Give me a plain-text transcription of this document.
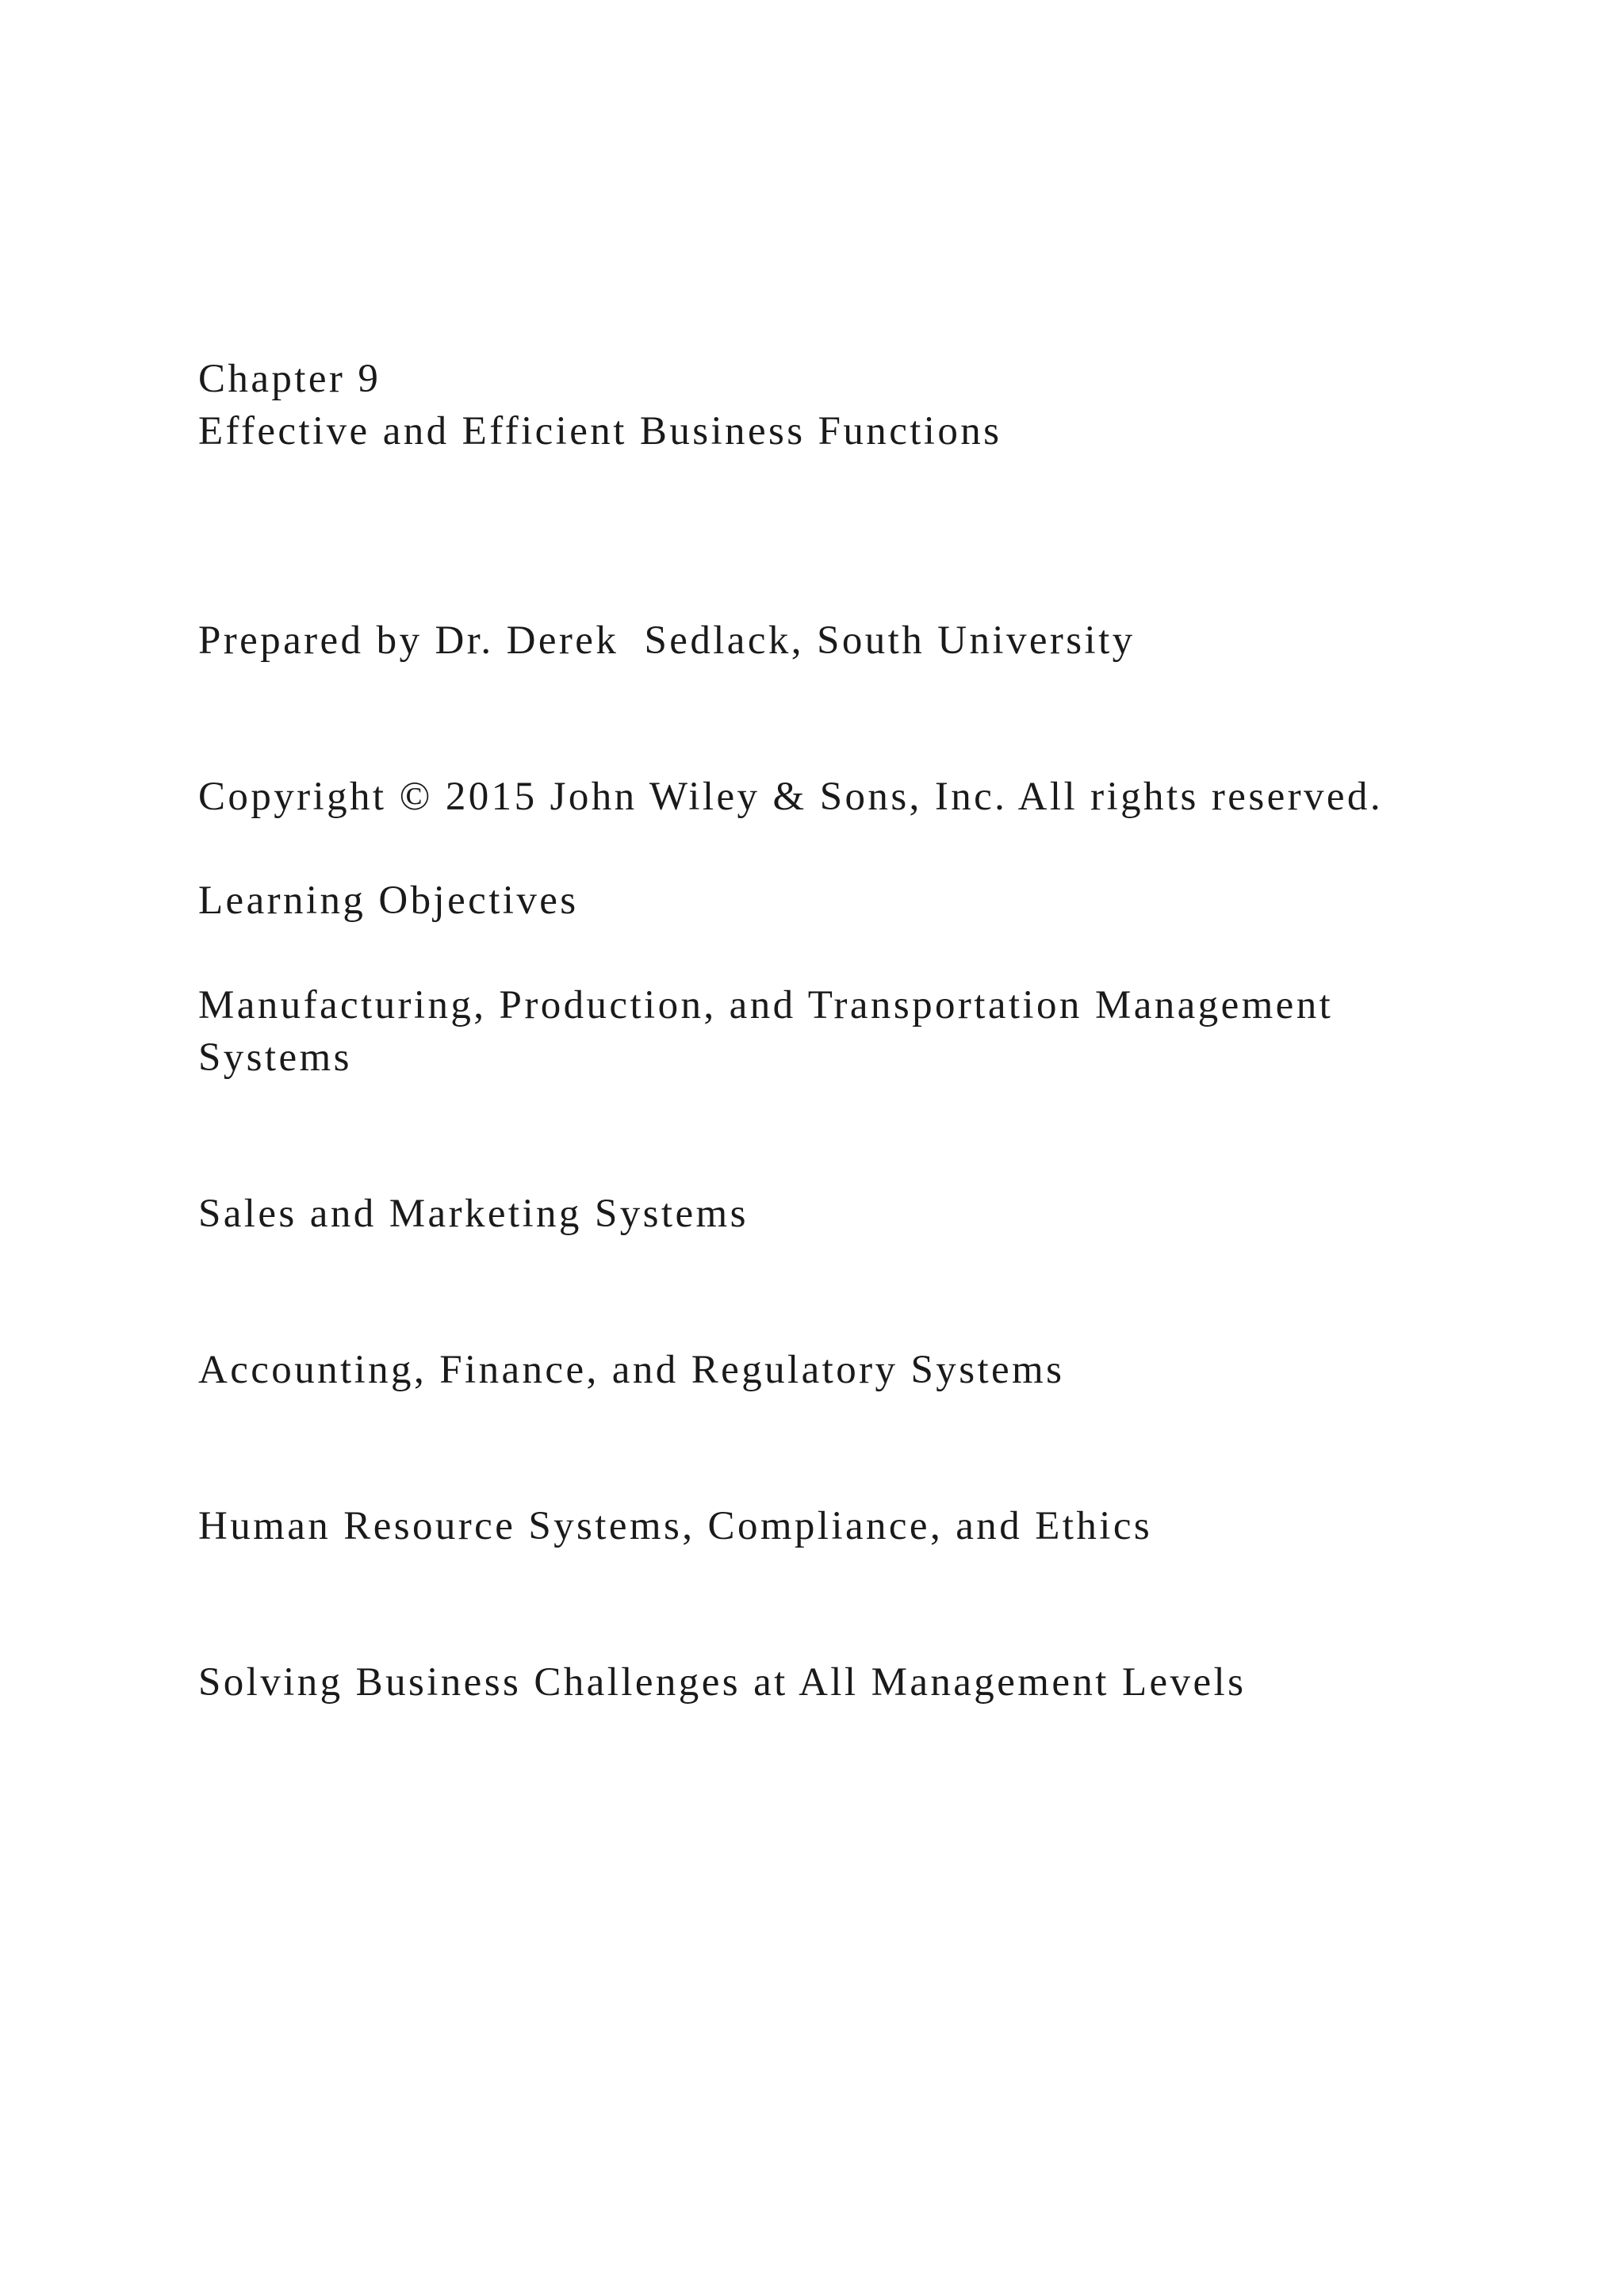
Chapter 9
Effective and Efficient Business Functions

Prepared by Dr. Derek  Sedlack, South University

Copyright © 2015 John Wiley & Sons, Inc. All rights reserved.

Learning Objectives

Manufacturing, Production, and Transportation Management

Systems

Sales and Marketing Systems

Accounting, Finance, and Regulatory Systems

Human Resource Systems, Compliance, and Ethics

Solving Business Challenges at All Management Levels
